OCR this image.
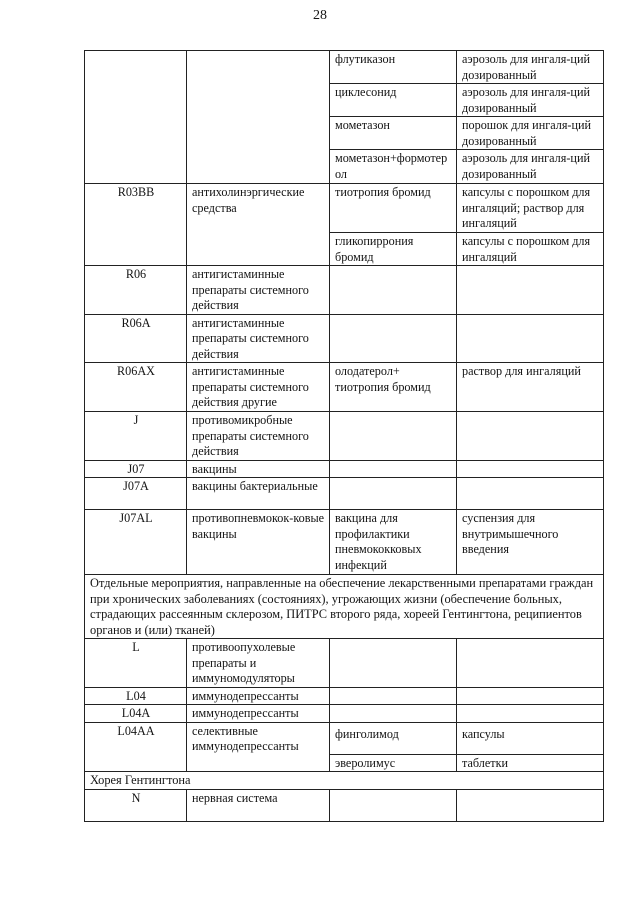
28
		флутиказон	аэрозоль для ингаля-ций дозированный
		циклесонид	аэрозоль для ингаля-ций дозированный
		мометазон	порошок для ингаля-ций дозированный
		мометазон+формотерол	аэрозоль для ингаля-ций дозированный
R03BB	антихолинэргические средства	тиотропия бромид	капсулы с порошком для ингаляций; раствор для ингаляций
		гликопиррония бромид	капсулы с порошком для ингаляций
R06	антигистаминные препараты системного действия		
R06A	антигистаминные препараты системного действия		
R06AX	антигистаминные препараты системного действия другие	олодатерол+ тиотропия бромид	раствор для ингаляций
J	противомикробные препараты системного действия		
J07	вакцины		
J07A	вакцины бактериальные		
J07AL	противопневмокок-ковые вакцины	вакцина для профилактики пневмококковых инфекций	суспензия для внутримышечного введения
Отдельные мероприятия, направленные на обеспечение лекарственными препаратами граждан при хронических заболеваниях (состояниях), угрожающих жизни (обеспечение больных, страдающих рассеянным склерозом, ПИТРС второго ряда, хореей Гентингтона, реципиентов органов и (или) тканей)			
L	противоопухолевые препараты и иммуномодуляторы		
L04	иммунодепрессанты		
L04A	иммунодепрессанты		
L04AA	селективные иммунодепрессанты	финголимод	капсулы
		эверолимус	таблетки
Хорея Гентингтона			
N	нервная система		
